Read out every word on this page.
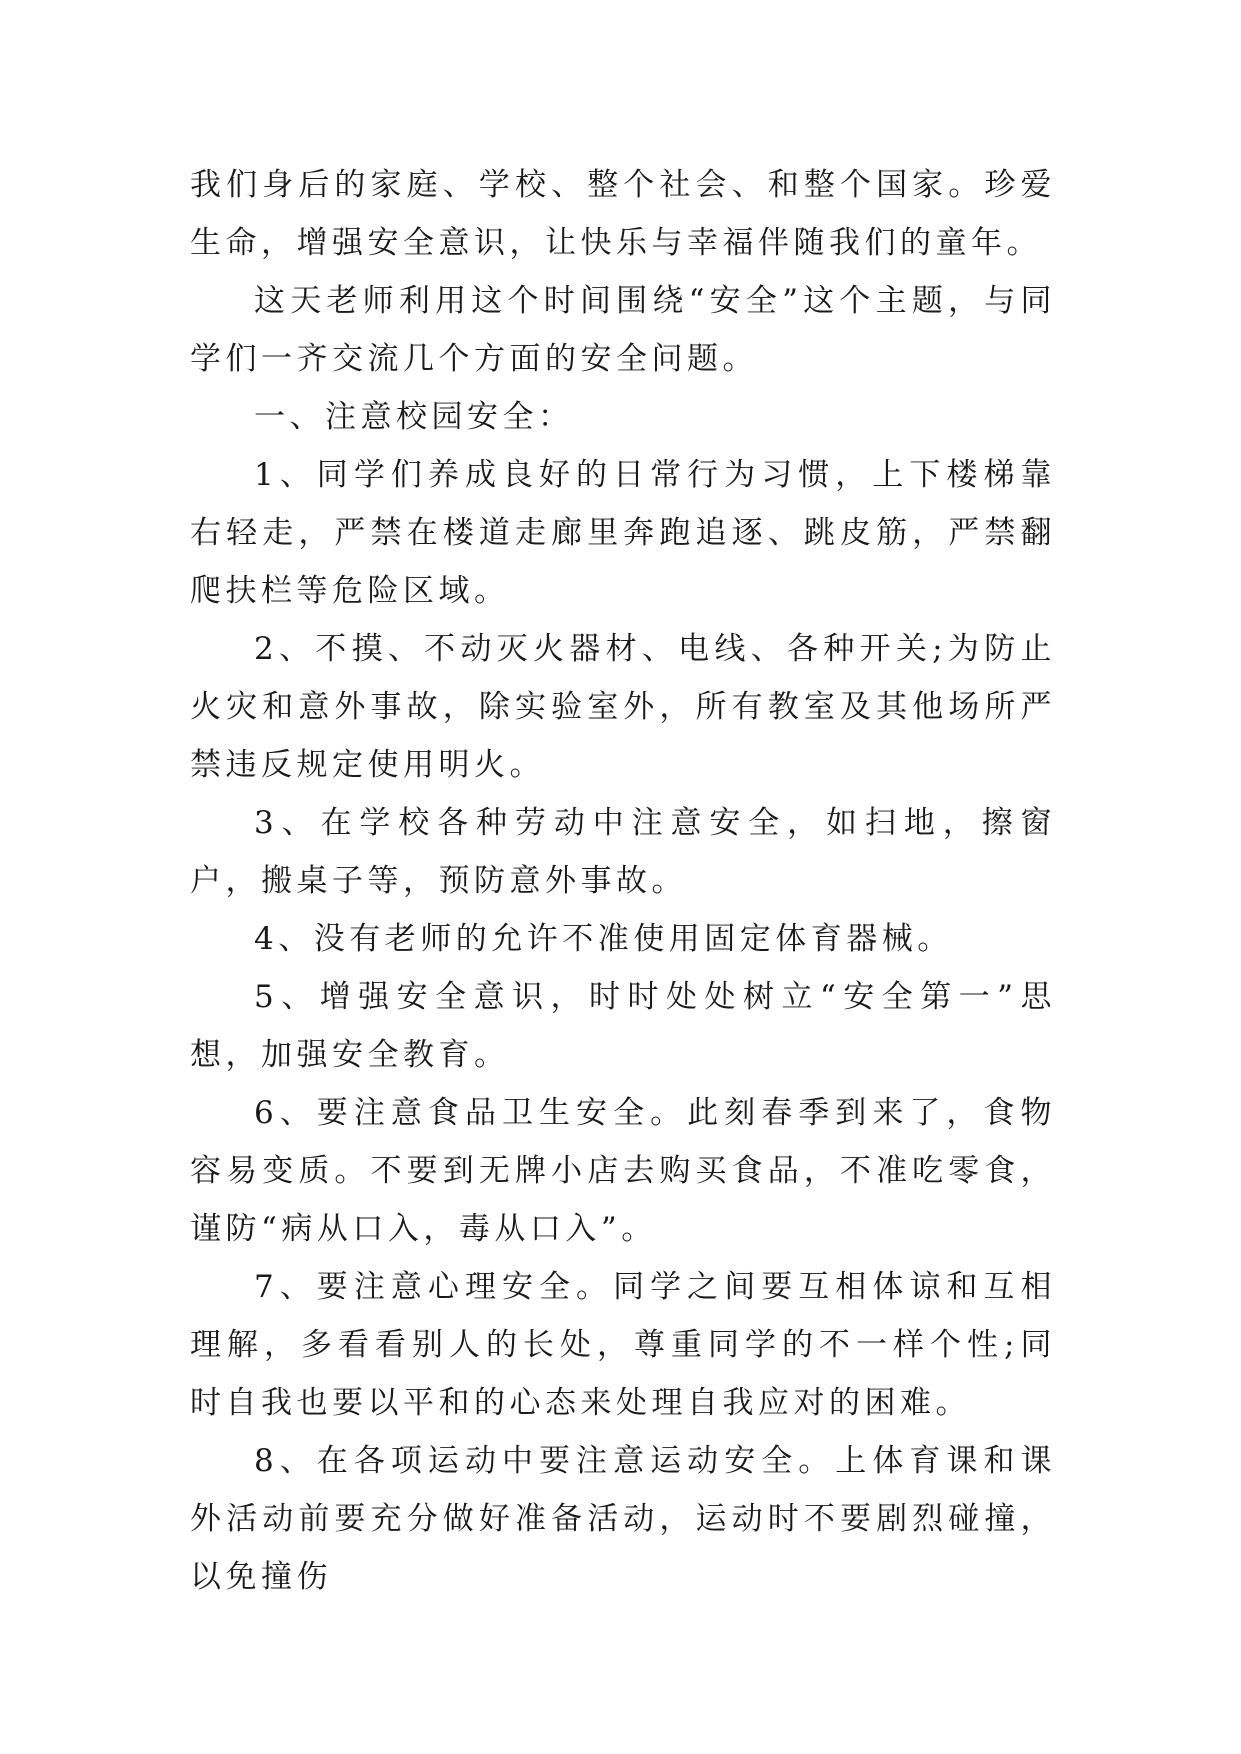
我们身后的家庭、学校、整个社会、和整个国家。珍爱生命，增强安全意识，让快乐与幸福伴随我们的童年。

这天老师利用这个时间围绕“安全”这个主题，与同学们一齐交流几个方面的安全问题。

一、注意校园安全：

1、同学们养成良好的日常行为习惯，上下楼梯靠右轻走，严禁在楼道走廊里奔跑追逐、跳皮筋，严禁翻爬扶栏等危险区域。

2、不摸、不动灭火器材、电线、各种开关;为防止火灾和意外事故，除实验室外，所有教室及其他场所严禁违反规定使用明火。

3、在学校各种劳动中注意安全，如扫地，擦窗户，搬桌子等，预防意外事故。

4、没有老师的允许不准使用固定体育器械。

5、增强安全意识，时时处处树立“安全第一”思想，加强安全教育。

6、要注意食品卫生安全。此刻春季到来了，食物容易变质。不要到无牌小店去购买食品，不准吃零食，谨防“病从口入，毒从口入”。

7、要注意心理安全。同学之间要互相体谅和互相理解，多看看别人的长处，尊重同学的不一样个性;同时自我也要以平和的心态来处理自我应对的困难。

8、在各项运动中要注意运动安全。上体育课和课外活动前要充分做好准备活动，运动时不要剧烈碰撞，以免撞伤
